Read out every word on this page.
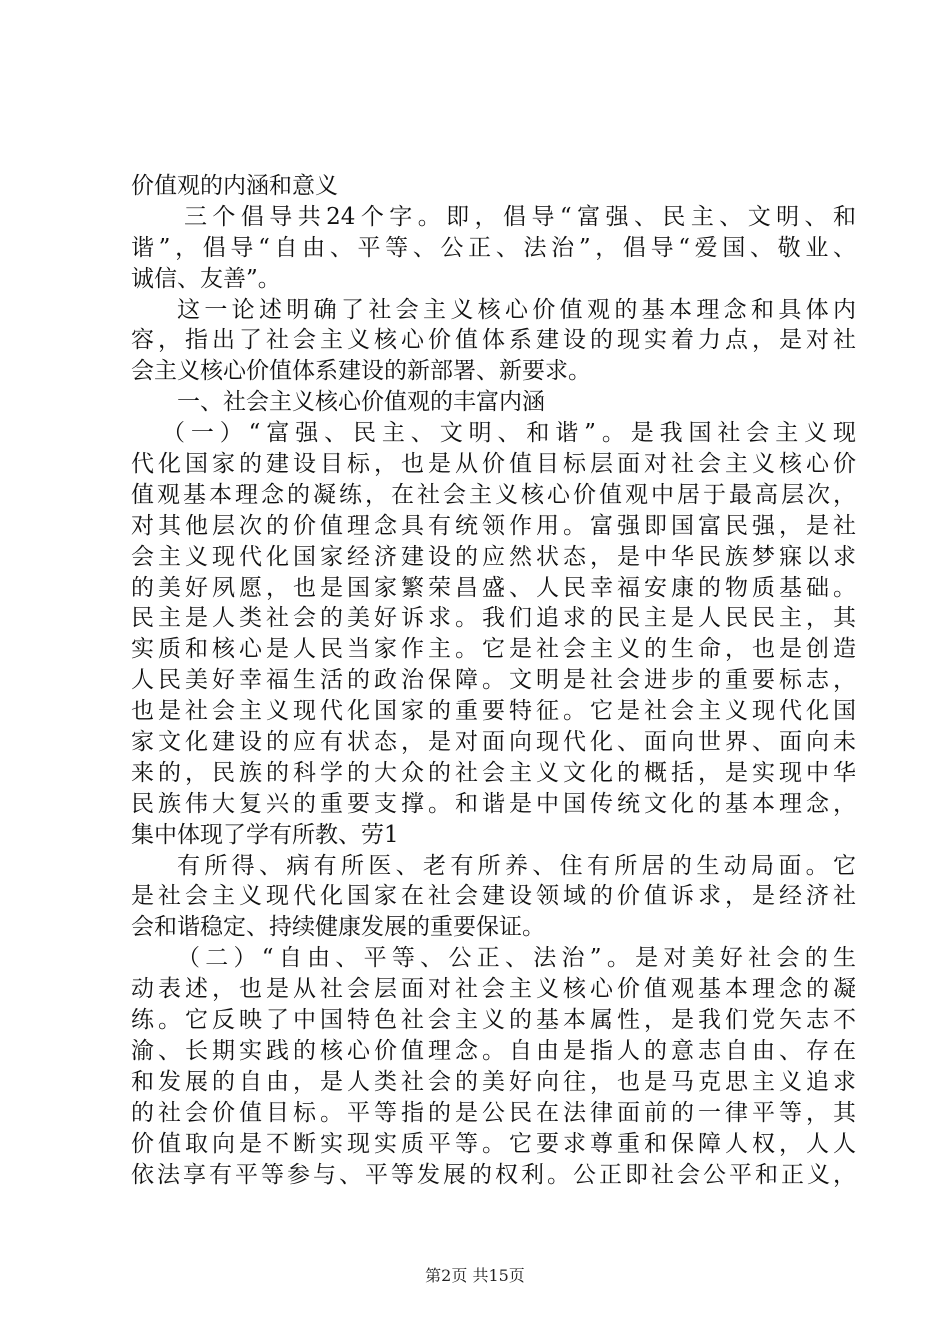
价值观的内涵和意义
三个倡导共24个字。即，倡导“富强、民主、文明、和
谐”，倡导“自由、平等、公正、法治”，倡导“爱国、敬业、
诚信、友善”。
这一论述明确了社会主义核心价值观的基本理念和具体内
容，指出了社会主义核心价值体系建设的现实着力点，是对社
会主义核心价值体系建设的新部署、新要求。
一、社会主义核心价值观的丰富内涵
（一）“富强、民主、文明、和谐”。是我国社会主义现
代化国家的建设目标，也是从价值目标层面对社会主义核心价
值观基本理念的凝练，在社会主义核心价值观中居于最高层次，
对其他层次的价值理念具有统领作用。富强即国富民强，是社
会主义现代化国家经济建设的应然状态，是中华民族梦寐以求
的美好夙愿，也是国家繁荣昌盛、人民幸福安康的物质基础。
民主是人类社会的美好诉求。我们追求的民主是人民民主，其
实质和核心是人民当家作主。它是社会主义的生命，也是创造
人民美好幸福生活的政治保障。文明是社会进步的重要标志，
也是社会主义现代化国家的重要特征。它是社会主义现代化国
家文化建设的应有状态，是对面向现代化、面向世界、面向未
来的，民族的科学的大众的社会主义文化的概括，是实现中华
民族伟大复兴的重要支撑。和谐是中国传统文化的基本理念，
集中体现了学有所教、劳1
有所得、病有所医、老有所养、住有所居的生动局面。它
是社会主义现代化国家在社会建设领域的价值诉求，是经济社
会和谐稳定、持续健康发展的重要保证。
（二）“自由、平等、公正、法治”。是对美好社会的生
动表述，也是从社会层面对社会主义核心价值观基本理念的凝
练。它反映了中国特色社会主义的基本属性，是我们党矢志不
渝、长期实践的核心价值理念。自由是指人的意志自由、存在
和发展的自由，是人类社会的美好向往，也是马克思主义追求
的社会价值目标。平等指的是公民在法律面前的一律平等，其
价值取向是不断实现实质平等。它要求尊重和保障人权，人人
依法享有平等参与、平等发展的权利。公正即社会公平和正义，
第2页 共15页
